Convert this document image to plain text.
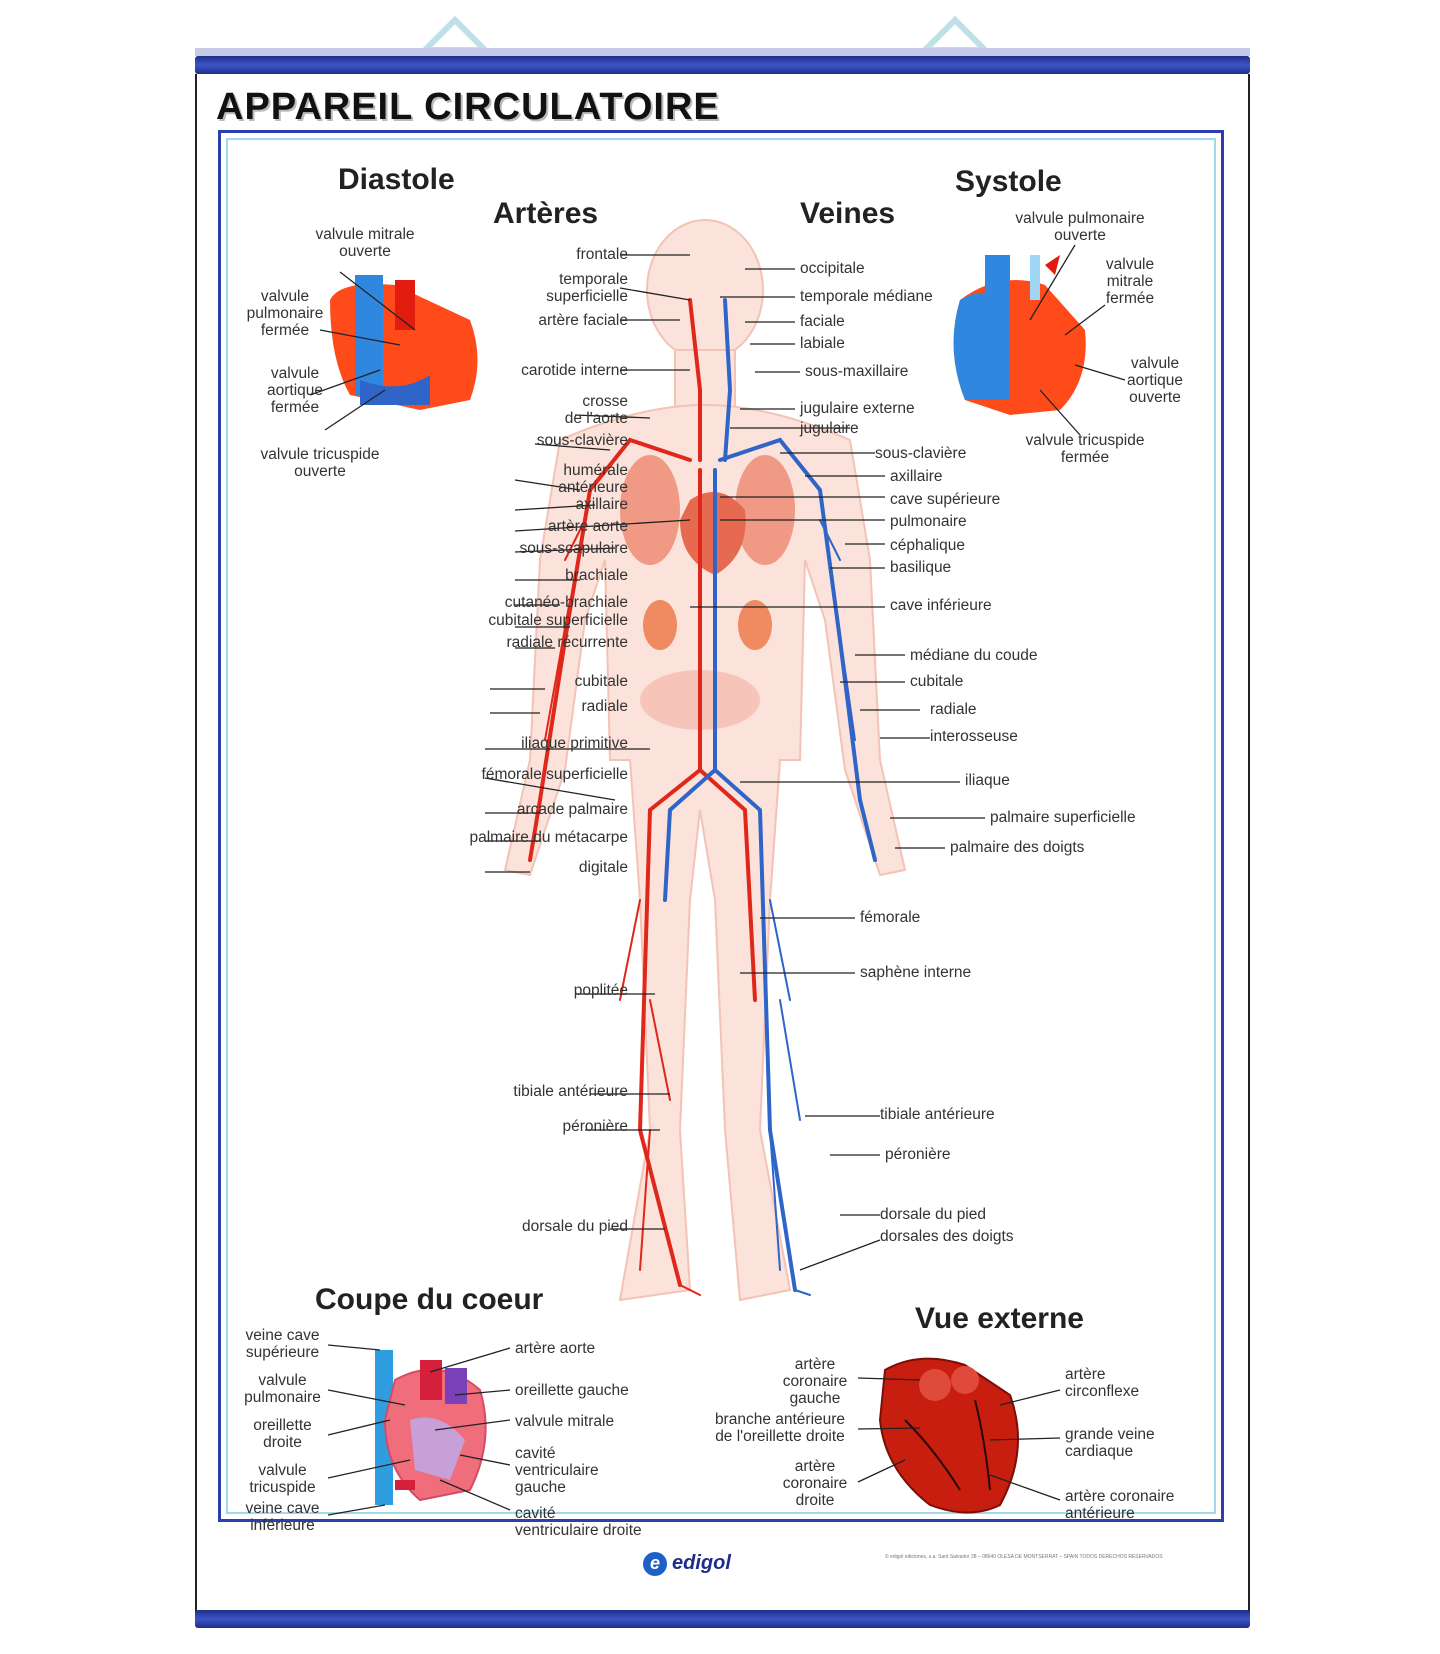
APPAREIL CIRCULATOIRE
Diastole
Artères	Veines
Systole
Coupe du coeur
Vue externe
frontale
temporale
superficielle
artère faciale
carotide interne
crosse
de l'aorte
sous-clavière
humérale
antérieure
axillaire
artère aorte
sous-scapulaire
brachiale
cutanéo-brachiale
cubitale superficielle
radiale récurrente
cubitale
radiale
iliaque primitive
fémorale superficielle
arcade palmaire
palmaire du métacarpe
digitale
poplitée
tibiale antérieure
péronière
dorsale du pied
occipitale
temporale médiane
faciale
labiale
sous-maxillaire
jugulaire externe
jugulaire
sous-clavière
axillaire
cave supérieure
pulmonaire
céphalique
basilique
cave inférieure
médiane du coude
cubitale
radiale
interosseuse
iliaque
palmaire superficielle
palmaire des doigts
fémorale
saphène interne
tibiale antérieure
péronière
dorsale du pied
dorsales des doigts
valvule mitrale
ouverte
valvule
pulmonaire
fermée
valvule
aortique
fermée
valvule tricuspide
ouverte
valvule pulmonaire
ouverte
valvule
mitrale
fermée
valvule
aortique
ouverte
valvule tricuspide
fermée
veine cave
supérieure
valvule
pulmonaire
oreillette
droite
valvule
tricuspide
veine cave
inférieure
artère aorte
oreillette gauche
valvule mitrale
cavité
ventriculaire
gauche
cavité
ventriculaire droite
artère
coronaire
gauche
branche antérieure
de l'oreillette droite
artère
coronaire
droite
artère
circonflexe
grande veine
cardiaque
artère coronaire
antérieure
e edigol	© edigol ediciones, s.a. Sant Salvador 28 – 08640 OLESA DE MONTSERRAT – SPAIN TODOS DERECHOS RESERVADOS
